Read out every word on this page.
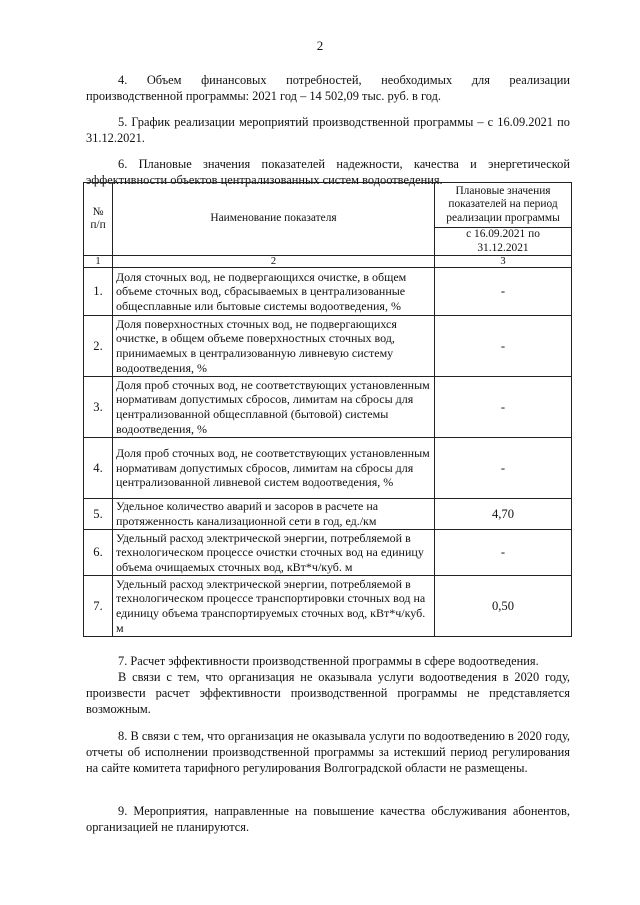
2

4. Объем финансовых потребностей, необходимых для реализации производственной программы: 2021 год – 14 502,09 тыс. руб. в год.

5. График реализации мероприятий производственной программы – с 16.09.2021 по 31.12.2021.

6. Плановые значения показателей надежности, качества и энергетической эффективности объектов централизованных систем водоотведения.

№ п/п	Наименование показателя	Плановые значения показателей на период реализации программы
		с 16.09.2021 по 31.12.2021
1	2	3
1.	Доля сточных вод, не подвергающихся очистке, в общем объеме сточных вод, сбрасываемых в централизованные общесплавные или бытовые системы водоотведения, %	-
2.	Доля поверхностных сточных вод, не подвергающихся очистке, в общем объеме поверхностных сточных вод, принимаемых в централизованную ливневую систему водоотведения, %	-
3.	Доля проб сточных вод, не соответствующих установленным нормативам допустимых сбросов, лимитам на сбросы для централизованной общесплавной (бытовой) системы водоотведения, %	-
4.	Доля проб сточных вод, не соответствующих установленным нормативам допустимых сбросов, лимитам на сбросы для централизованной ливневой систем водоотведения, %	-
5.	Удельное количество аварий и засоров в расчете на протяженность канализационной сети в год, ед./км	4,70
6.	Удельный расход электрической энергии, потребляемой в технологическом процессе очистки сточных вод на единицу объема очищаемых сточных вод, кВт*ч/куб. м	-
7.	Удельный расход электрической энергии, потребляемой в технологическом процессе транспортировки сточных вод на единицу объема транспортируемых сточных вод, кВт*ч/куб. м	0,50

7. Расчет эффективности производственной программы в сфере водоотведения.

В связи с тем, что организация не оказывала услуги водоотведения в 2020 году, произвести расчет эффективности производственной программы не представляется возможным.

8. В связи с тем, что организация не оказывала услуги по водоотведению в 2020 году, отчеты об исполнении производственной программы за истекший период регулирования на сайте комитета тарифного регулирования Волгоградской области не размещены.

9. Мероприятия, направленные на повышение качества обслуживания абонентов, организацией не планируются.
